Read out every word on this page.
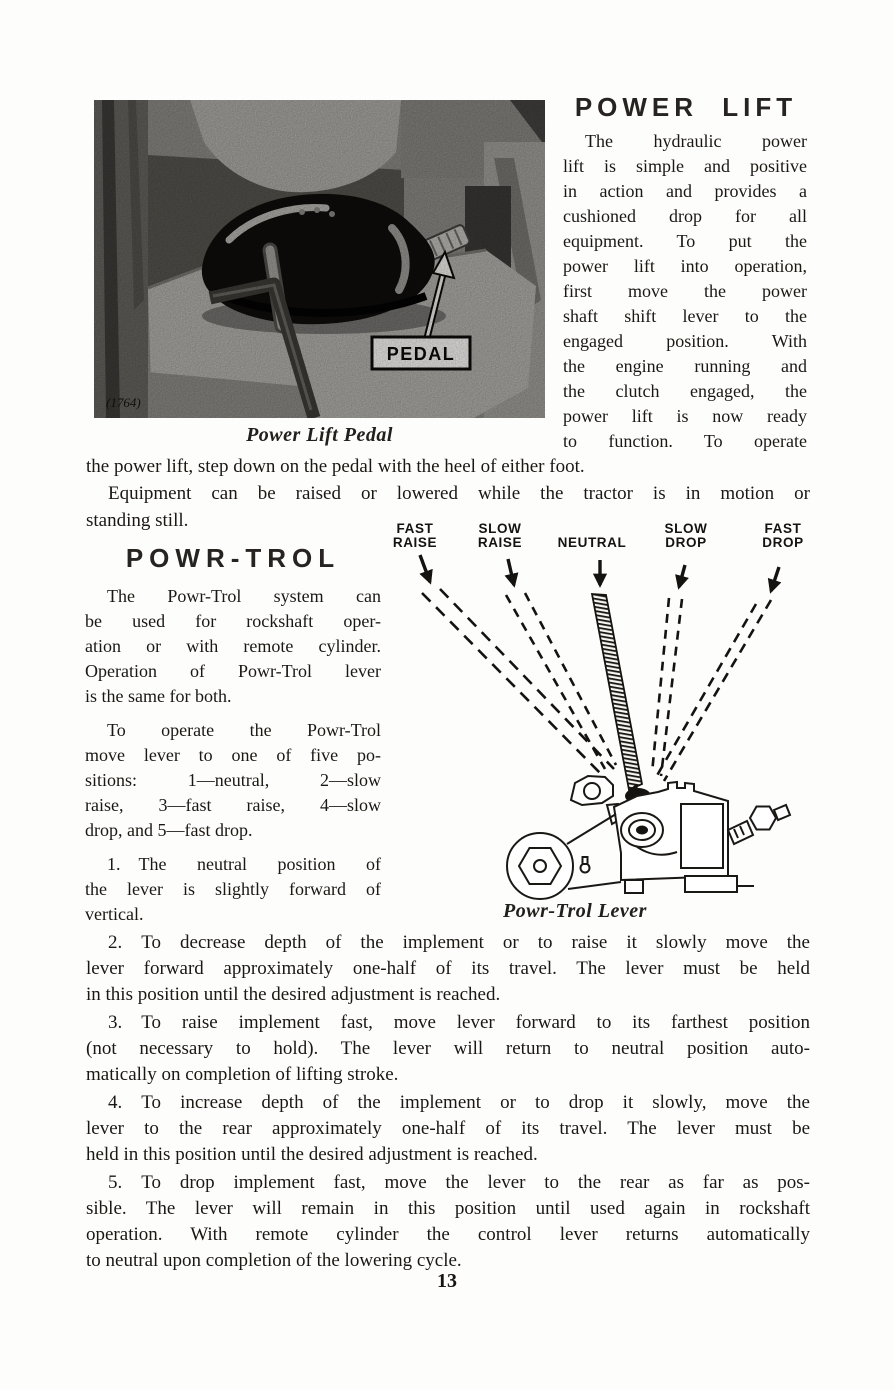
PEDAL
(1764)
Power Lift Pedal
POWER LIFT
The hydraulic power
lift is simple and positive
in action and provides a
cushioned drop for all
equipment. To put the
power lift into operation,
first move the power
shaft shift lever to the
engaged position. With
the engine running and
the clutch engaged, the
power lift is now ready
to function. To operate
the power lift, step down on the pedal with the heel of either foot.
Equipment can be raised or lowered while the tractor is in motion or
standing still.
POWR-TROL
The Powr-Trol system can
be used for rockshaft oper-
ation or with remote cylinder.
Operation of Powr-Trol lever
is the same for both.
To operate the Powr-Trol
move lever to one of five po-
sitions: 1—neutral, 2—slow
raise, 3—fast raise, 4—slow
drop, and 5—fast drop.
1. The neutral position of
the lever is slightly forward of
vertical.
FAST
RAISE
SLOW
RAISE	NEUTRAL
SLOW
DROP
FAST
DROP
Powr-Trol Lever
2. To decrease depth of the implement or to raise it slowly move the
lever forward approximately one-half of its travel. The lever must be held
in this position until the desired adjustment is reached.
3. To raise implement fast, move lever forward to its farthest position
(not necessary to hold). The lever will return to neutral position auto-
matically on completion of lifting stroke.
4. To increase depth of the implement or to drop it slowly, move the
lever to the rear approximately one-half of its travel. The lever must be
held in this position until the desired adjustment is reached.
5. To drop implement fast, move the lever to the rear as far as pos-
sible. The lever will remain in this position until used again in rockshaft
operation. With remote cylinder the control lever returns automatically
to neutral upon completion of the lowering cycle.
13
